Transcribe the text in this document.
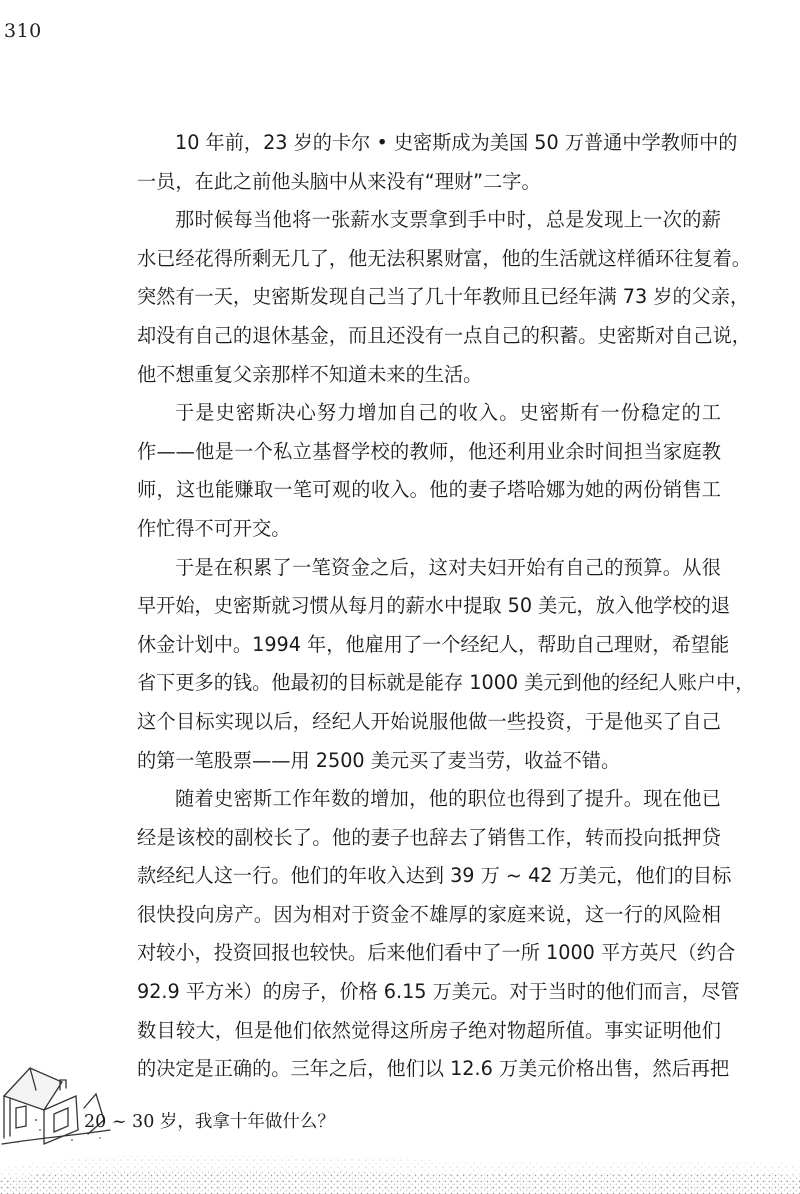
310
10 年前，23 岁的卡尔 • 史密斯成为美国 50 万普通中学教师中的
一员，在此之前他头脑中从来没有“理财”二字。
那时候每当他将一张薪水支票拿到手中时，总是发现上一次的薪
水已经花得所剩无几了，他无法积累财富，他的生活就这样循环往复着。
突然有一天，史密斯发现自己当了几十年教师且已经年满 73 岁的父亲，
却没有自己的退休基金，而且还没有一点自己的积蓄。史密斯对自己说，
他不想重复父亲那样不知道未来的生活。
于是史密斯决心努力增加自己的收入。史密斯有一份稳定的工
作——他是一个私立基督学校的教师，他还利用业余时间担当家庭教
师，这也能赚取一笔可观的收入。他的妻子塔哈娜为她的两份销售工
作忙得不可开交。
于是在积累了一笔资金之后，这对夫妇开始有自己的预算。从很
早开始，史密斯就习惯从每月的薪水中提取 50 美元，放入他学校的退
休金计划中。1994 年，他雇用了一个经纪人，帮助自己理财，希望能
省下更多的钱。他最初的目标就是能存 1000 美元到他的经纪人账户中，
这个目标实现以后，经纪人开始说服他做一些投资，于是他买了自己
的第一笔股票——用 2500 美元买了麦当劳，收益不错。
随着史密斯工作年数的增加，他的职位也得到了提升。现在他已
经是该校的副校长了。他的妻子也辞去了销售工作，转而投向抵押贷
款经纪人这一行。他们的年收入达到 39 万 ~ 42 万美元，他们的目标
很快投向房产。因为相对于资金不雄厚的家庭来说，这一行的风险相
对较小，投资回报也较快。后来他们看中了一所 1000 平方英尺（约合
92.9 平方米）的房子，价格 6.15 万美元。对于当时的他们而言，尽管
数目较大，但是他们依然觉得这所房子绝对物超所值。事实证明他们
的决定是正确的。三年之后，他们以 12.6 万美元价格出售，然后再把
20 ~ 30 岁，我拿十年做什么？
